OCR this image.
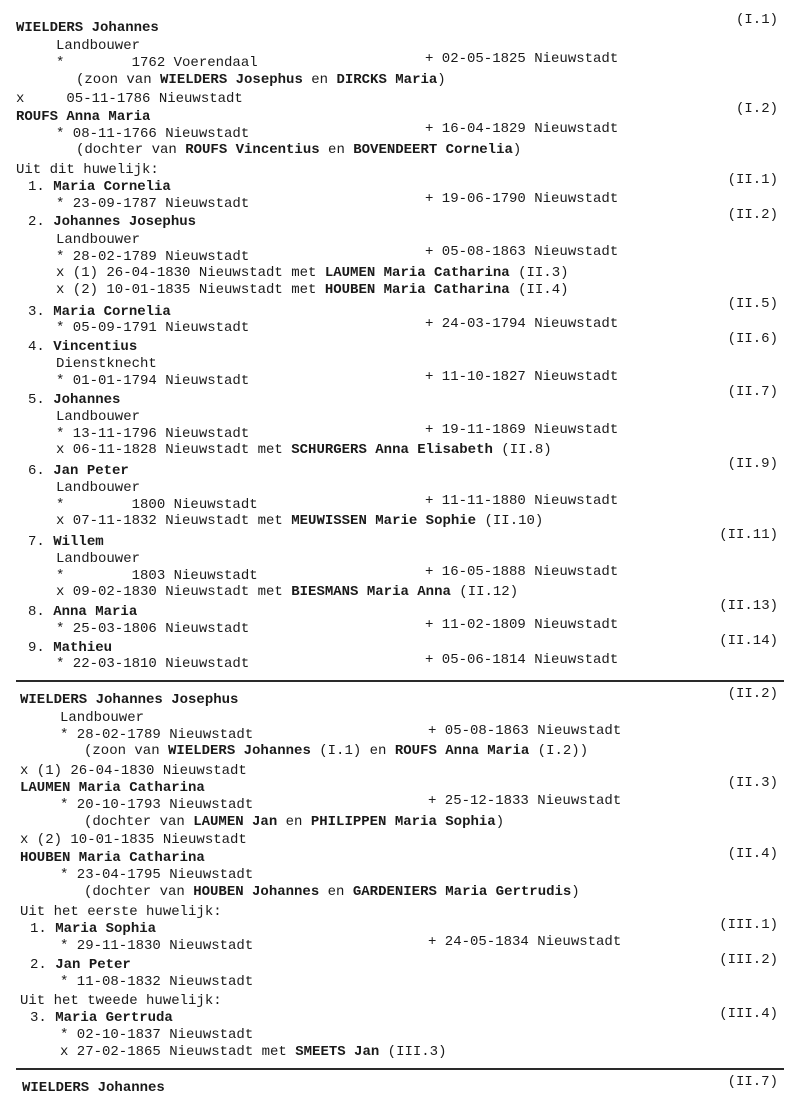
(I.1)
WIELDERS Johannes
Landbouwer
*        1762 Voerendaal	+ 02-05-1825 Nieuwstadt
(zoon van WIELDERS Josephus en DIRCKS Maria)
x     05-11-1786 Nieuwstadt
(I.2)
ROUFS Anna Maria
* 08-11-1766 Nieuwstadt	+ 16-04-1829 Nieuwstadt
(dochter van ROUFS Vincentius en BOVENDEERT Cornelia)
Uit dit huwelijk:
(II.1)
1. Maria Cornelia
* 23-09-1787 Nieuwstadt	+ 19-06-1790 Nieuwstadt
(II.2)
2. Johannes Josephus
Landbouwer
* 28-02-1789 Nieuwstadt	+ 05-08-1863 Nieuwstadt
x (1) 26-04-1830 Nieuwstadt met LAUMEN Maria Catharina (II.3)
x (2) 10-01-1835 Nieuwstadt met HOUBEN Maria Catharina (II.4)
(II.5)
3. Maria Cornelia
* 05-09-1791 Nieuwstadt	+ 24-03-1794 Nieuwstadt
(II.6)
4. Vincentius
Dienstknecht
* 01-01-1794 Nieuwstadt	+ 11-10-1827 Nieuwstadt
(II.7)
5. Johannes
Landbouwer
* 13-11-1796 Nieuwstadt	+ 19-11-1869 Nieuwstadt
x 06-11-1828 Nieuwstadt met SCHURGERS Anna Elisabeth (II.8)
(II.9)
6. Jan Peter
Landbouwer
*        1800 Nieuwstadt	+ 11-11-1880 Nieuwstadt
x 07-11-1832 Nieuwstadt met MEUWISSEN Marie Sophie (II.10)
(II.11)
7. Willem
Landbouwer
*        1803 Nieuwstadt	+ 16-05-1888 Nieuwstadt
x 09-02-1830 Nieuwstadt met BIESMANS Maria Anna (II.12)
(II.13)
8. Anna Maria
* 25-03-1806 Nieuwstadt	+ 11-02-1809 Nieuwstadt
(II.14)
9. Mathieu
* 22-03-1810 Nieuwstadt	+ 05-06-1814 Nieuwstadt
(II.2)
WIELDERS Johannes Josephus
Landbouwer
* 28-02-1789 Nieuwstadt	+ 05-08-1863 Nieuwstadt
(zoon van WIELDERS Johannes (I.1) en ROUFS Anna Maria (I.2))
x (1) 26-04-1830 Nieuwstadt
(II.3)
LAUMEN Maria Catharina
* 20-10-1793 Nieuwstadt	+ 25-12-1833 Nieuwstadt
(dochter van LAUMEN Jan en PHILIPPEN Maria Sophia)
x (2) 10-01-1835 Nieuwstadt
(II.4)
HOUBEN Maria Catharina
* 23-04-1795 Nieuwstadt
(dochter van HOUBEN Johannes en GARDENIERS Maria Gertrudis)
Uit het eerste huwelijk:
(III.1)
1. Maria Sophia
* 29-11-1830 Nieuwstadt	+ 24-05-1834 Nieuwstadt
(III.2)
2. Jan Peter
* 11-08-1832 Nieuwstadt
Uit het tweede huwelijk:
(III.4)
3. Maria Gertruda
* 02-10-1837 Nieuwstadt
x 27-02-1865 Nieuwstadt met SMEETS Jan (III.3)
(II.7)
WIELDERS Johannes
